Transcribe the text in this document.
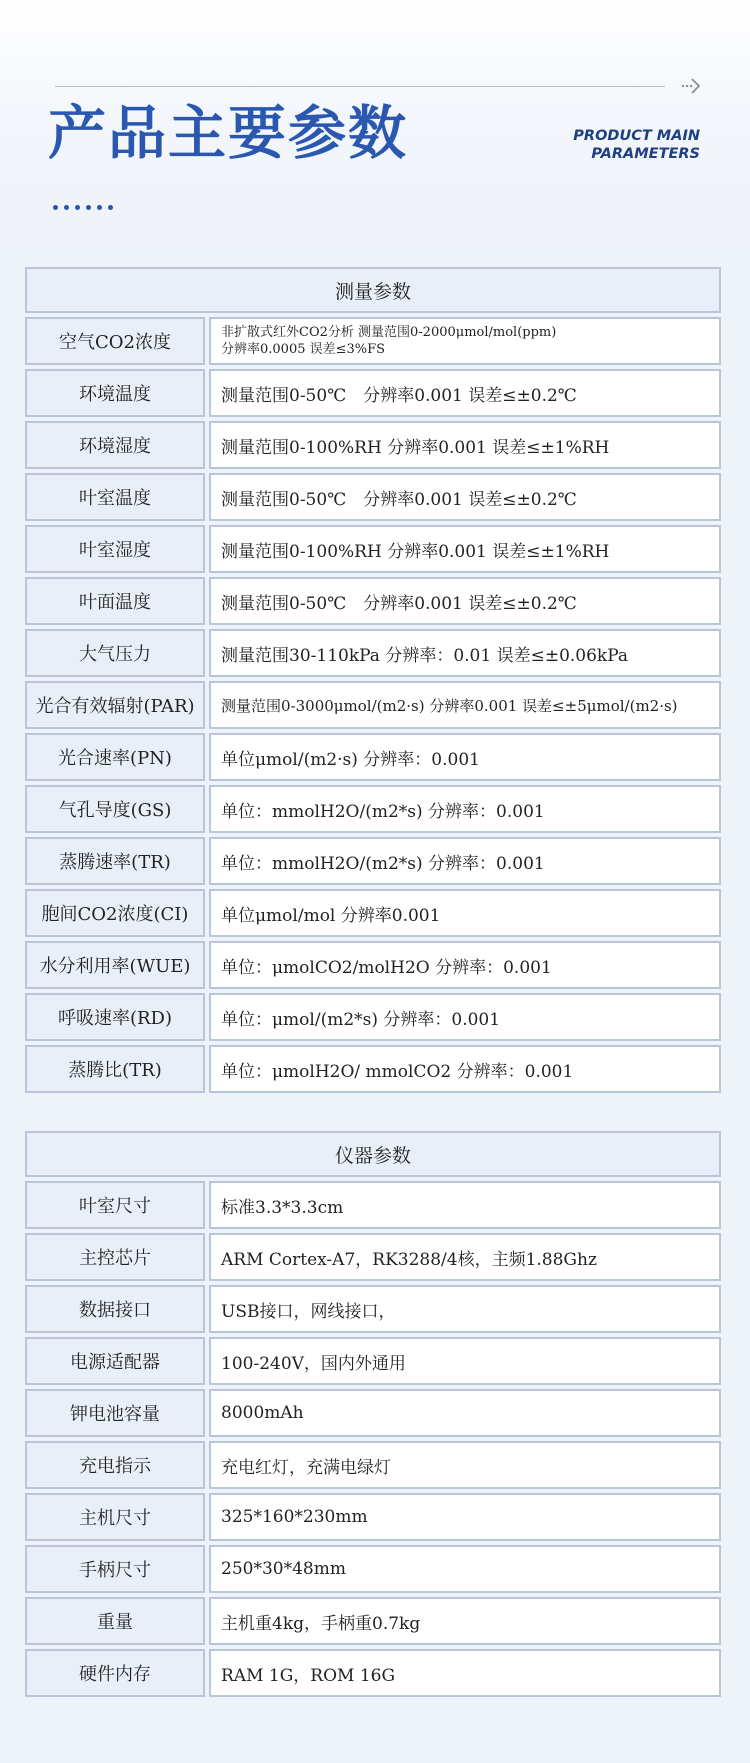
产品主要参数	PRODUCT MAIN
PARAMETERS
测量参数
空气CO2浓度	非扩散式红外CO2分析 测量范围0-2000μmol/mol(ppm)
分辨率0.0005 误差≤3%FS
环境温度	测量范围0-50℃　分辨率0.001 误差≤±0.2℃
环境湿度	测量范围0-100%RH 分辨率0.001 误差≤±1%RH
叶室温度	测量范围0-50℃　分辨率0.001 误差≤±0.2℃
叶室湿度	测量范围0-100%RH 分辨率0.001 误差≤±1%RH
叶面温度	测量范围0-50℃　分辨率0.001 误差≤±0.2℃
大气压力	测量范围30-110kPa 分辨率：0.01 误差≤±0.06kPa
光合有效辐射(PAR)	测量范围0-3000μmol/(m2·s) 分辨率0.001 误差≤±5μmol/(m2·s)
光合速率(PN)	单位μmol/(m2·s) 分辨率：0.001
气孔导度(GS)	单位：mmolH2O/(m2*s) 分辨率：0.001
蒸腾速率(TR)	单位：mmolH2O/(m2*s) 分辨率：0.001
胞间CO2浓度(CI)	单位μmol/mol 分辨率0.001
水分利用率(WUE)	单位：μmolCO2/molH2O 分辨率：0.001
呼吸速率(RD)	单位：μmol/(m2*s) 分辨率：0.001
蒸腾比(TR)	单位：μmolH2O/ mmolCO2 分辨率：0.001
仪器参数
叶室尺寸	标准3.3*3.3cm
主控芯片	ARM Cortex-A7，RK3288/4核，主频1.88Ghz
数据接口	USB接口，网线接口，
电源适配器	100-240V，国内外通用
钾电池容量	8000mAh
充电指示	充电红灯，充满电绿灯
主机尺寸	325*160*230mm
手柄尺寸	250*30*48mm
重量	主机重4kg，手柄重0.7kg
硬件内存	RAM 1G，ROM 16G
